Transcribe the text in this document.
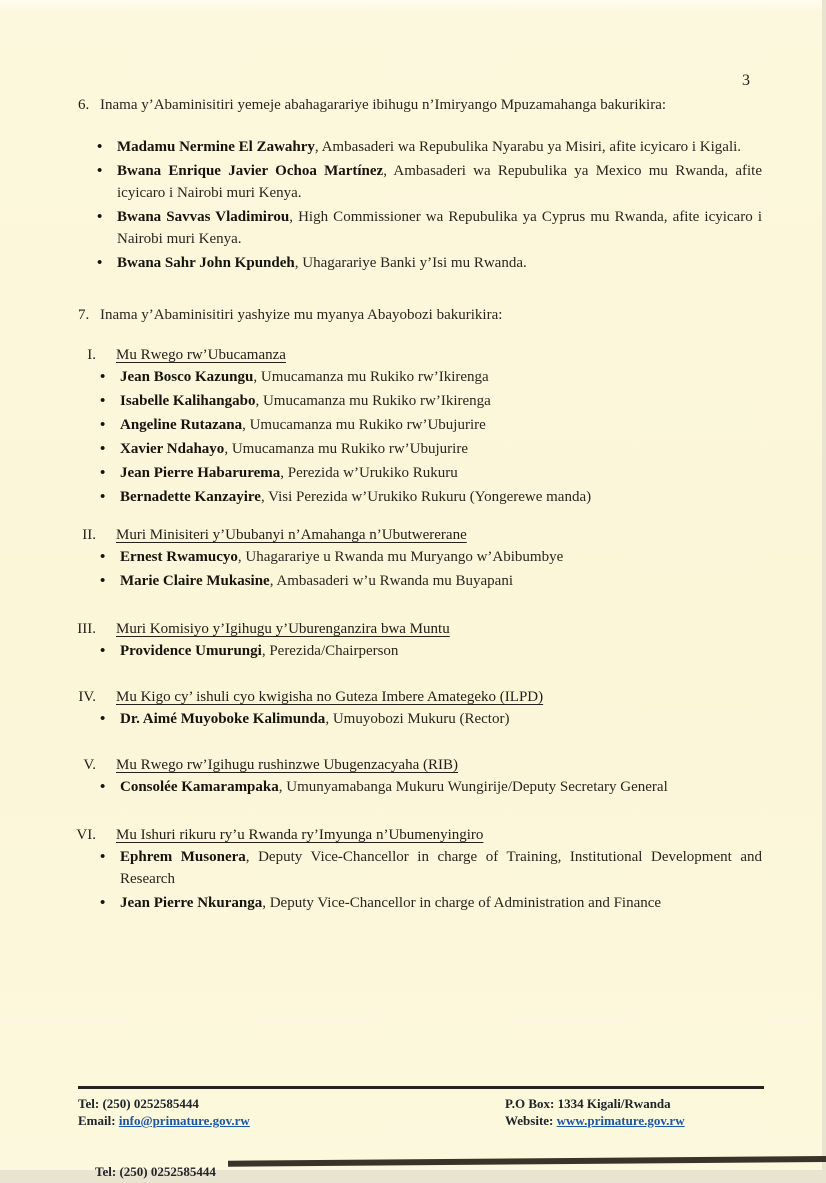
3
6. Inama y’Abaminisitiri yemeje abahagarariye ibihugu n’Imiryango Mpuzamahanga bakurikira:

• Madamu Nermine El Zawahry, Ambasaderi wa Repubulika Nyarabu ya Misiri, afite icyicaro i Kigali.
• Bwana Enrique Javier Ochoa Martínez, Ambasaderi wa Repubulika ya Mexico mu Rwanda, afite icyicaro i Nairobi muri Kenya.
• Bwana Savvas Vladimirou, High Commissioner wa Repubulika ya Cyprus mu Rwanda, afite icyicaro i Nairobi muri Kenya.
• Bwana Sahr John Kpundeh, Uhagarariye Banki y’Isi mu Rwanda.
7. Inama y’Abaminisitiri yashyize mu myanya Abayobozi bakurikira:

I. Mu Rwego rw’Ubucamanza
• Jean Bosco Kazungu, Umucamanza mu Rukiko rw’Ikirenga
• Isabelle Kalihangabo, Umucamanza mu Rukiko rw’Ikirenga
• Angeline Rutazana, Umucamanza mu Rukiko rw’Ubujurire
• Xavier Ndahayo, Umucamanza mu Rukiko rw’Ubujurire
• Jean Pierre Habarurema, Perezida w’Urukiko Rukuru
• Bernadette Kanzayire, Visi Perezida w’Urukiko Rukuru (Yongerewe manda)
II. Muri Minisiteri y’Ububanyi n’Amahanga n’Ubutwererane
• Ernest Rwamucyo, Uhagarariye u Rwanda mu Muryango w’Abibumbye
• Marie Claire Mukasine, Ambasaderi w’u Rwanda mu Buyapani
III. Muri Komisiyo y’Igihugu y’Uburenganzira bwa Muntu
• Providence Umurungi, Perezida/Chairperson
IV. Mu Kigo cy’ ishuli cyo kwigisha no Guteza Imbere Amategeko (ILPD)
• Dr. Aimé Muyoboke Kalimunda, Umuyobozi Mukuru (Rector)
V. Mu Rwego rw’Igihugu rushinzwe Ubugenzacyaha (RIB)
• Consolée Kamarampaka, Umunyamabanga Mukuru Wungirije/Deputy Secretary General
VI. Mu Ishuri rikuru ry’u Rwanda ry’Imyunga n’Ubumenyingiro
• Ephrem Musonera, Deputy Vice-Chancellor in charge of Training, Institutional Development and Research
• Jean Pierre Nkuranga, Deputy Vice-Chancellor in charge of Administration and Finance
Tel: (250) 0252585444
Email: info@primature.gov.rw
P.O Box: 1334 Kigali/Rwanda
Website: www.primature.gov.rw
Tel: (250) 0252585444
